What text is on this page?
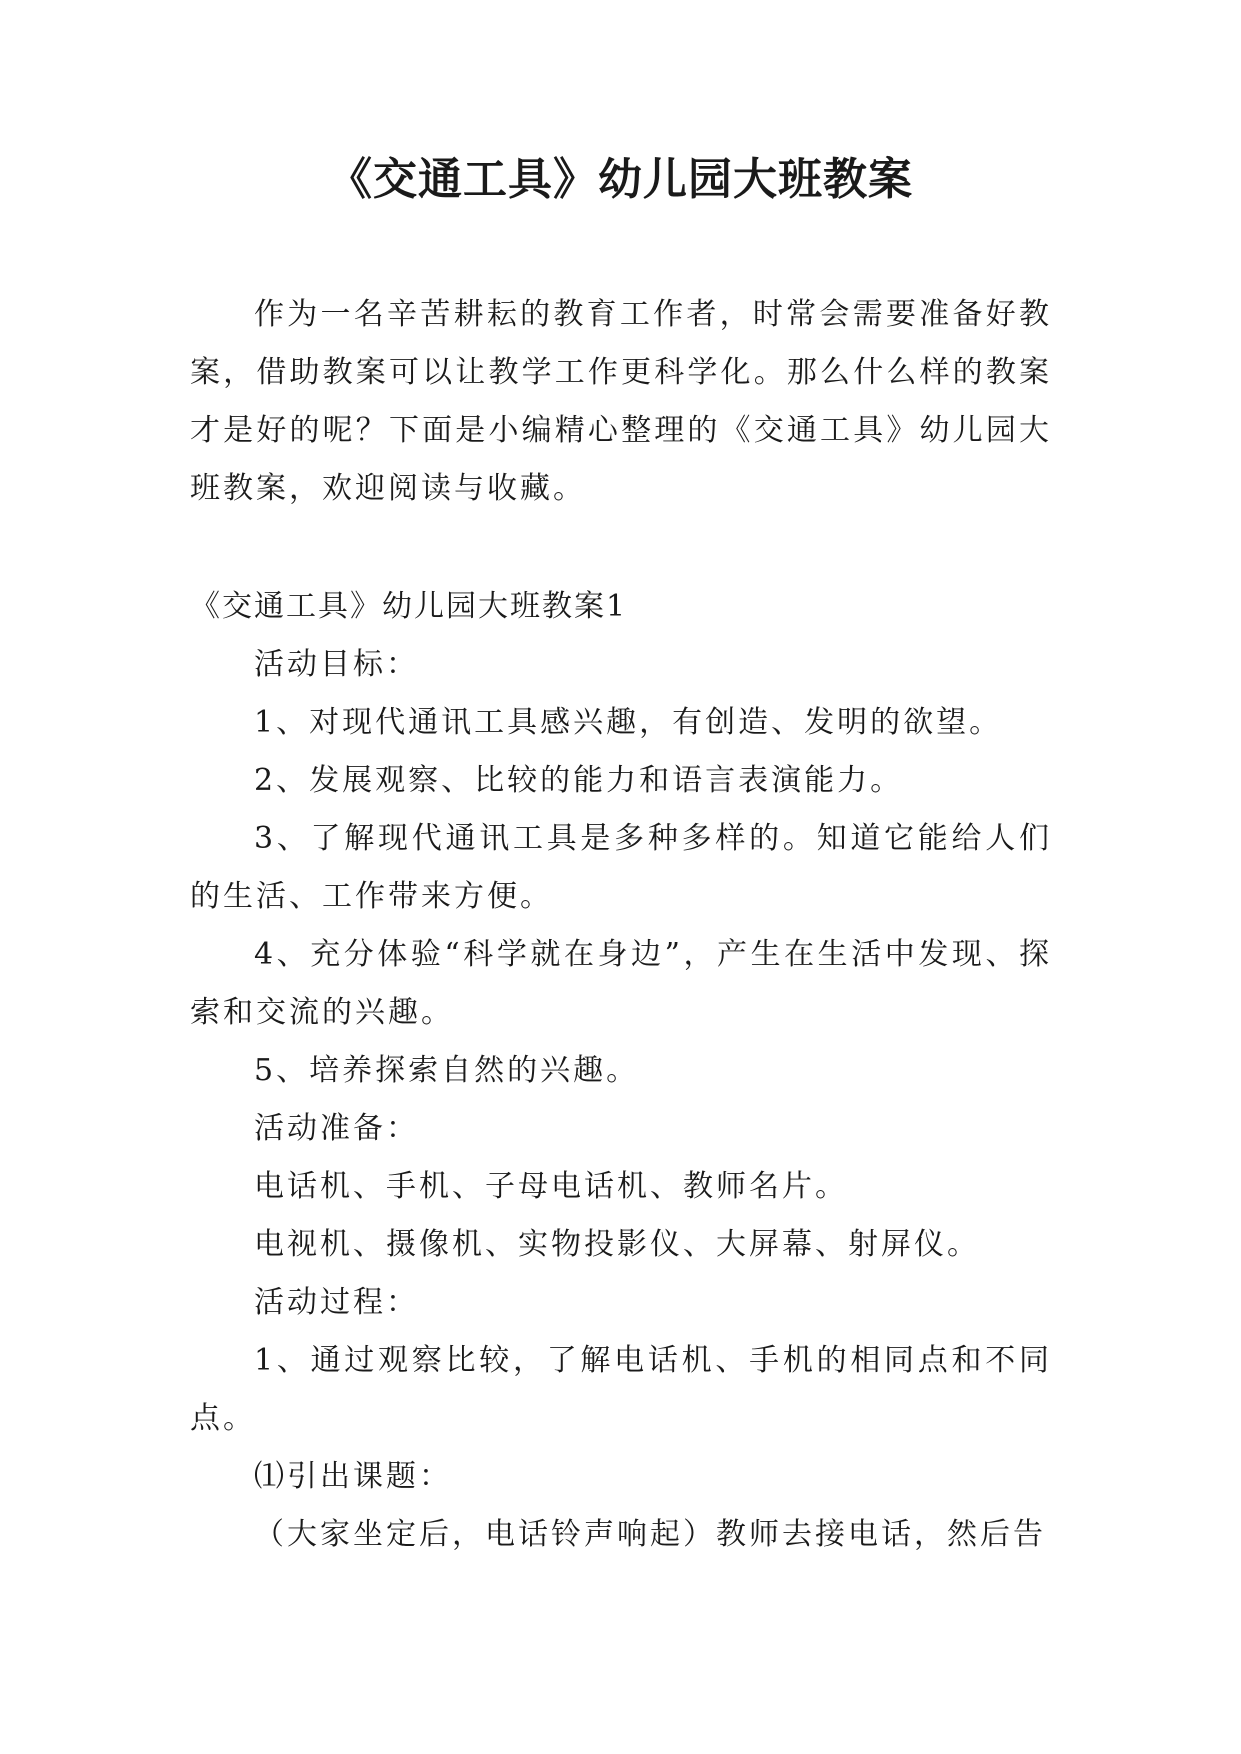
《交通工具》幼儿园大班教案

作为一名辛苦耕耘的教育工作者，时常会需要准备好教案，借助教案可以让教学工作更科学化。那么什么样的教案才是好的呢？下面是小编精心整理的《交通工具》幼儿园大班教案，欢迎阅读与收藏。

《交通工具》幼儿园大班教案1

活动目标：

1、对现代通讯工具感兴趣，有创造、发明的欲望。

2、发展观察、比较的能力和语言表演能力。

3、了解现代通讯工具是多种多样的。知道它能给人们的生活、工作带来方便。

4、充分体验“科学就在身边”，产生在生活中发现、探索和交流的兴趣。

5、培养探索自然的兴趣。

活动准备：

电话机、手机、子母电话机、教师名片。

电视机、摄像机、实物投影仪、大屏幕、射屏仪。

活动过程：

1、通过观察比较，了解电话机、手机的相同点和不同点。

⑴引出课题：

（大家坐定后，电话铃声响起）教师去接电话，然后告
